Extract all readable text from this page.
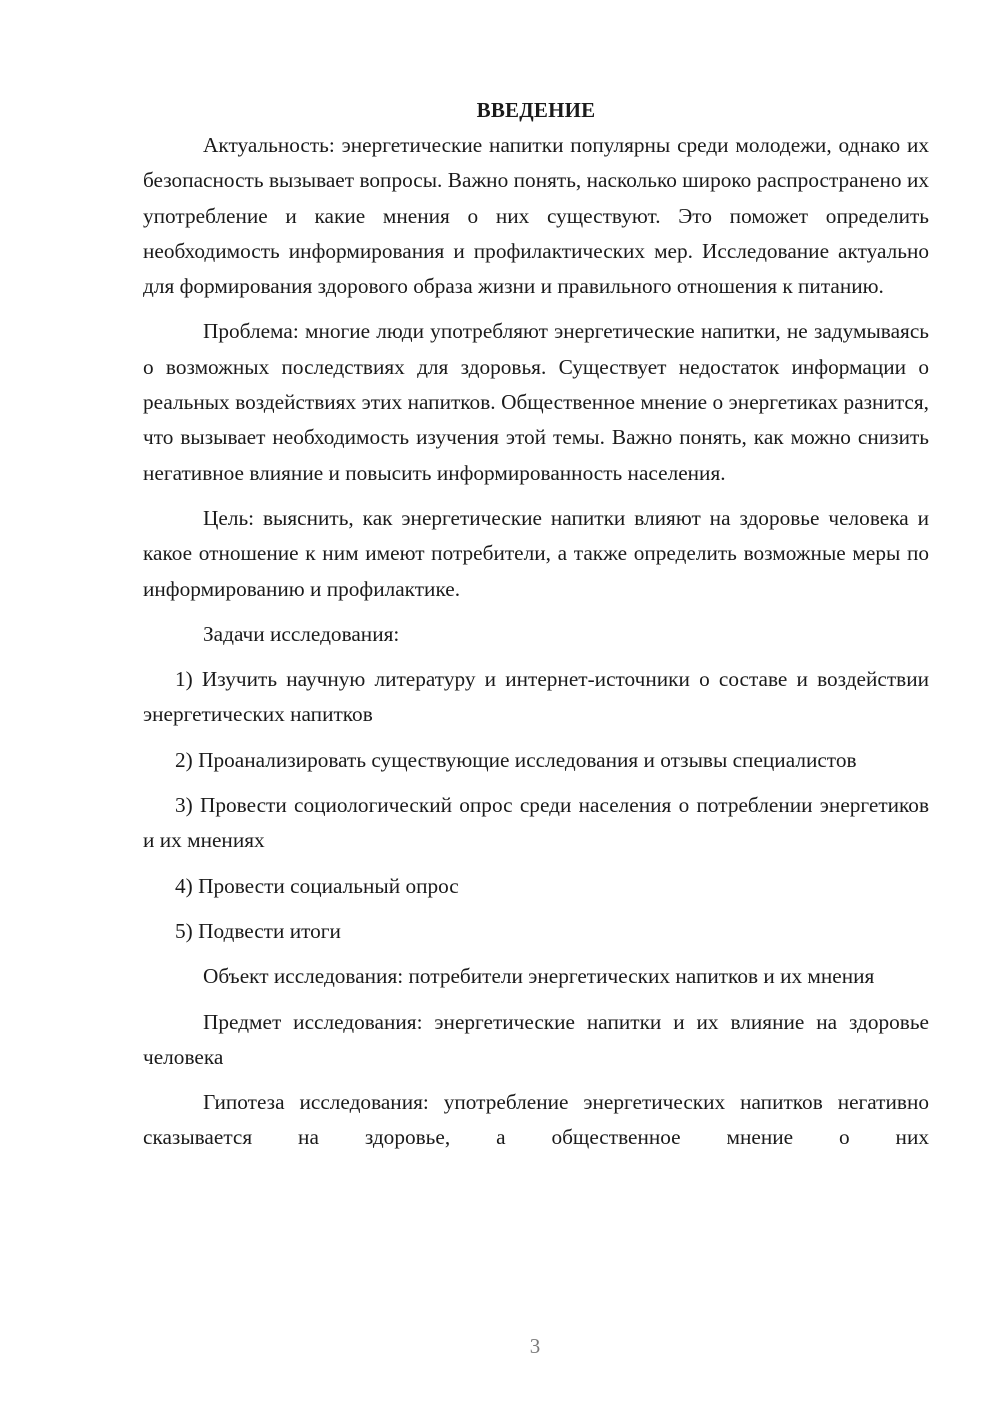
ВВЕДЕНИЕ

Актуальность: энергетические напитки популярны среди молодежи, однако их безопасность вызывает вопросы. Важно понять, насколько широко распространено их употребление и какие мнения о них существуют. Это поможет определить необходимость информирования и профилактических мер. Исследование актуально для формирования здорового образа жизни и правильного отношения к питанию.

Проблема: многие люди употребляют энергетические напитки, не задумываясь о возможных последствиях для здоровья. Существует недостаток информации о реальных воздействиях этих напитков. Общественное мнение о энергетиках разнится, что вызывает необходимость изучения этой темы. Важно понять, как можно снизить негативное влияние и повысить информированность населения.

Цель: выяснить, как энергетические напитки влияют на здоровье человека и какое отношение к ним имеют потребители, а также определить возможные меры по информированию и профилактике.

Задачи исследования:

1) Изучить научную литературу и интернет-источники о составе и воздействии энергетических напитков

2) Проанализировать существующие исследования и отзывы специалистов

3) Провести социологический опрос среди населения о потреблении энергетиков и их мнениях

4) Провести социальный опрос

5) Подвести итоги

Объект исследования: потребители энергетических напитков и их мнения

Предмет исследования: энергетические напитки и их влияние на здоровье человека

Гипотеза исследования: употребление энергетических напитков негативно сказывается на здоровье, а общественное мнение о них

3
